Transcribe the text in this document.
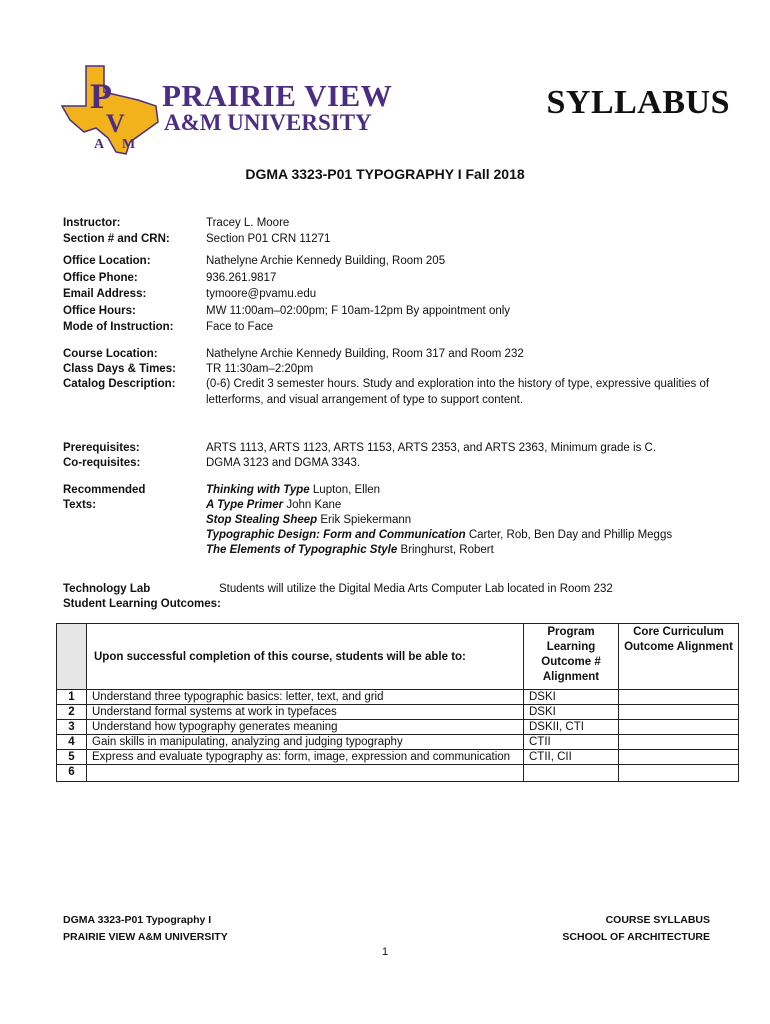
P
V
A M
PRAIRIE VIEW
A&M UNIVERSITY
SYLLABUS
DGMA 3323-P01 TYPOGRAPHY I Fall 2018
Instructor:	Tracey L. Moore
Section # and CRN:	Section P01 CRN 11271
Office Location:	Nathelyne Archie Kennedy Building, Room 205
Office Phone:	936.261.9817
Email Address:	tymoore@pvamu.edu
Office Hours:	MW 11:00am–02:00pm; F 10am-12pm By appointment only
Mode of Instruction:	Face to Face
Course Location:	Nathelyne Archie Kennedy Building, Room 317 and Room 232
Class Days & Times:	TR 11:30am–2:20pm
Catalog Description:	(0-6) Credit 3 semester hours. Study and exploration into the history of type, expressive qualities of letterforms, and visual arrangement of type to support content.
Prerequisites:	ARTS 1113, ARTS 1123, ARTS 1153, ARTS 2353, and ARTS 2363, Minimum grade is C.
Co-requisites:	DGMA 3123 and DGMA 3343.
Recommended
Texts:
Thinking with Type Lupton, Ellen
A Type Primer John Kane
Stop Stealing Sheep Erik Spiekermann
Typographic Design: Form and Communication Carter, Rob, Ben Day and Phillip Meggs
The Elements of Typographic Style Bringhurst, Robert
Technology Lab	Students will utilize the Digital Media Arts Computer Lab located in Room 232
Student Learning Outcomes:
	Upon successful completion of this course, students will be able to:	Program Learning Outcome # Alignment	Core Curriculum Outcome Alignment
1	Understand three typographic basics: letter, text, and grid	DSKI	
2	Understand formal systems at work in typefaces	DSKI	
3	Understand how typography generates meaning	DSKII, CTI	
4	Gain skills in manipulating, analyzing and judging typography	CTII	
5	Express and evaluate typography as: form, image, expression and communication	CTII, CII	
6			
DGMA 3323-P01 Typography I
PRAIRIE VIEW A&M UNIVERSITY
COURSE SYLLABUS
SCHOOL OF ARCHITECTURE
1
